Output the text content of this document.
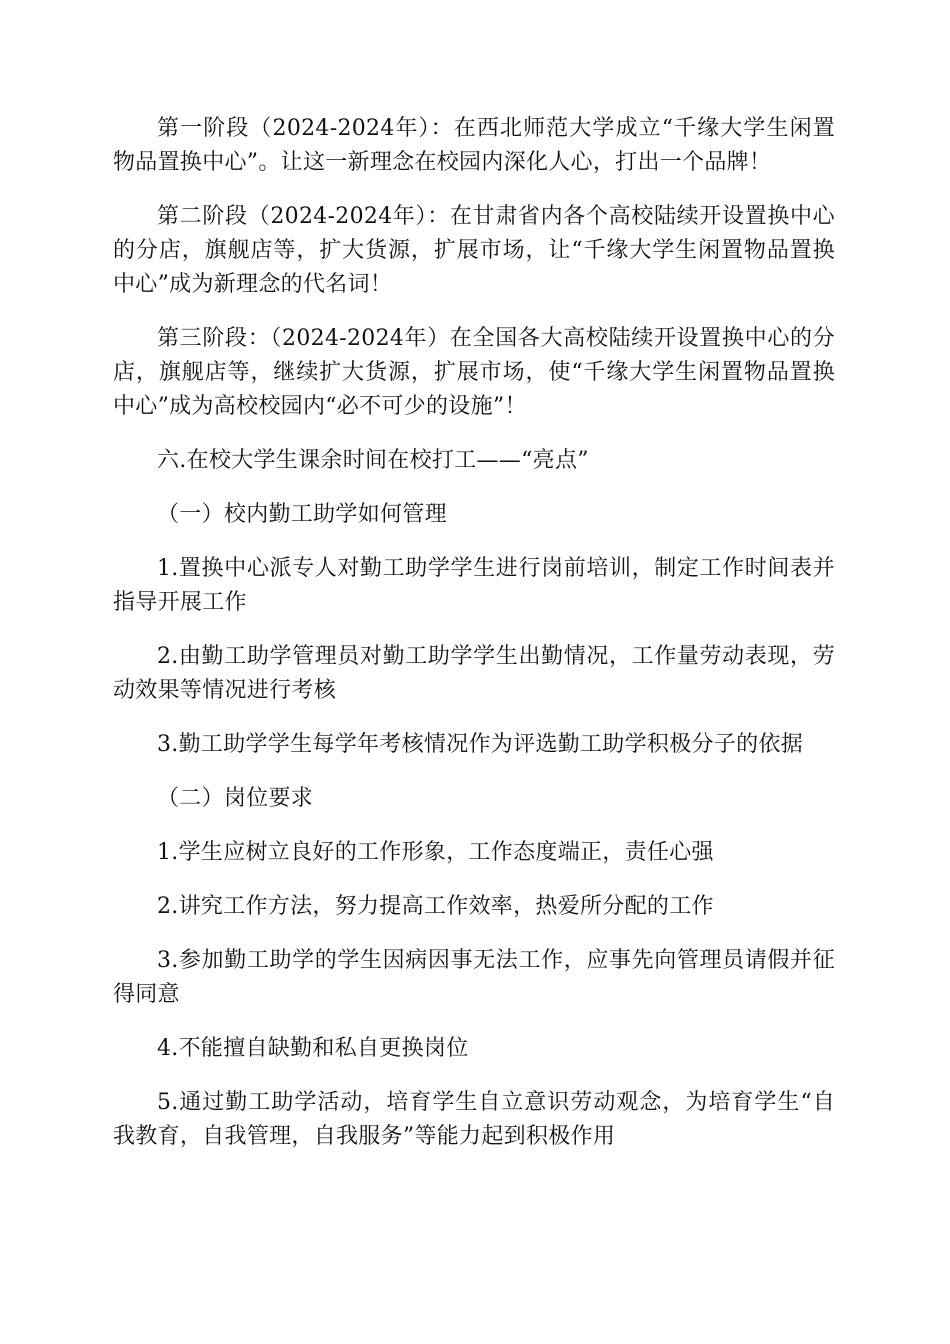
第一阶段（2024-2024年）：在西北师范大学成立“千缘大学生闲置物品置换中心”。让这一新理念在校园内深化人心，打出一个品牌！

第二阶段（2024-2024年）：在甘肃省内各个高校陆续开设置换中心的分店，旗舰店等，扩大货源，扩展市场，让“千缘大学生闲置物品置换中心”成为新理念的代名词！

第三阶段：（2024-2024年）在全国各大高校陆续开设置换中心的分店，旗舰店等，继续扩大货源，扩展市场，使“千缘大学生闲置物品置换中心”成为高校校园内“必不可少的设施”！

六.在校大学生课余时间在校打工——“亮点”

（一）校内勤工助学如何管理

1.置换中心派专人对勤工助学学生进行岗前培训，制定工作时间表并指导开展工作

2.由勤工助学管理员对勤工助学学生出勤情况，工作量劳动表现，劳动效果等情况进行考核

3.勤工助学学生每学年考核情况作为评选勤工助学积极分子的依据

（二）岗位要求

1.学生应树立良好的工作形象，工作态度端正，责任心强

2.讲究工作方法，努力提高工作效率，热爱所分配的工作

3.参加勤工助学的学生因病因事无法工作，应事先向管理员请假并征得同意

4.不能擅自缺勤和私自更换岗位

5.通过勤工助学活动，培育学生自立意识劳动观念，为培育学生“自我教育，自我管理，自我服务”等能力起到积极作用
